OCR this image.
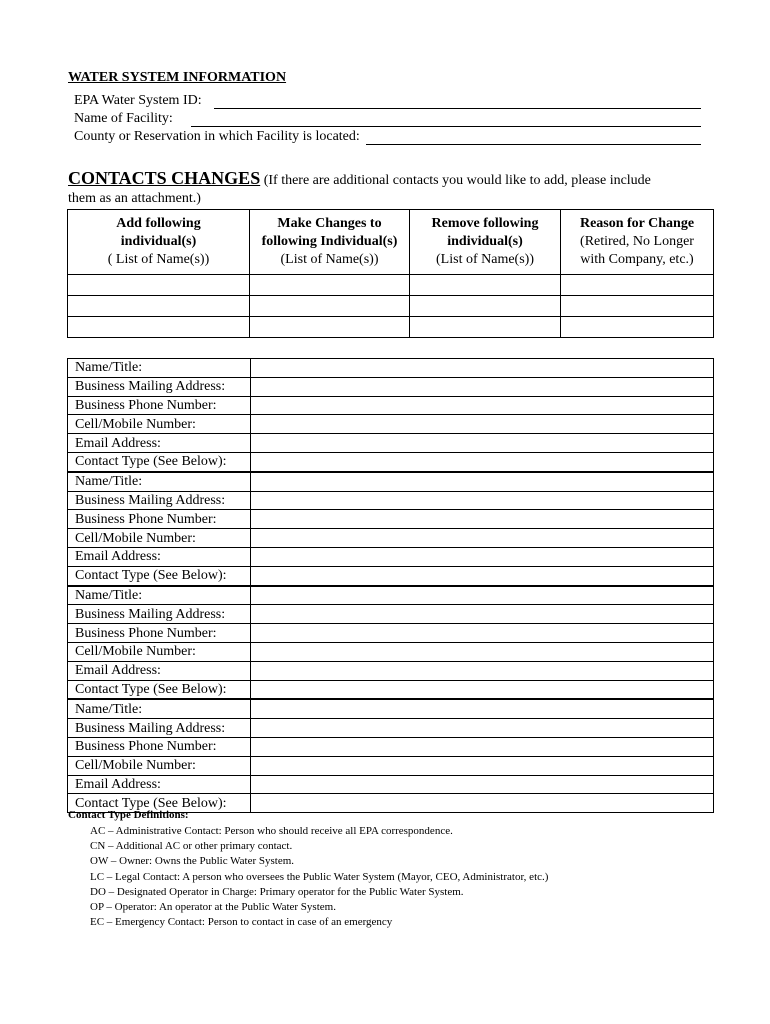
WATER SYSTEM INFORMATION
EPA Water System ID:
Name of Facility:
County or Reservation in which Facility is located:
CONTACTS CHANGES (If there are additional contacts you would like to add, please include
them as an attachment.)
Add following
individual(s)
( List of Name(s))	Make Changes to
following Individual(s)
(List of Name(s))	Remove following
individual(s)
(List of Name(s))	Reason for Change
(Retired, No Longer
with Company, etc.)

Name/Title:	
Business Mailing Address:	
Business Phone Number:	
Cell/Mobile Number:	
Email Address:	
Contact Type (See Below):	
Name/Title:	
Business Mailing Address:	
Business Phone Number:	
Cell/Mobile Number:	
Email Address:	
Contact Type (See Below):	
Name/Title:	
Business Mailing Address:	
Business Phone Number:	
Cell/Mobile Number:	
Email Address:	
Contact Type (See Below):	
Name/Title:	
Business Mailing Address:	
Business Phone Number:	
Cell/Mobile Number:	
Email Address:	
Contact Type (See Below):	
Contact Type Definitions:
AC – Administrative Contact: Person who should receive all EPA correspondence.
CN – Additional AC or other primary contact.
OW – Owner: Owns the Public Water System.
LC – Legal Contact: A person who oversees the Public Water System (Mayor, CEO, Administrator, etc.)
DO – Designated Operator in Charge: Primary operator for the Public Water System.
OP – Operator: An operator at the Public Water System.
EC – Emergency Contact: Person to contact in case of an emergency
